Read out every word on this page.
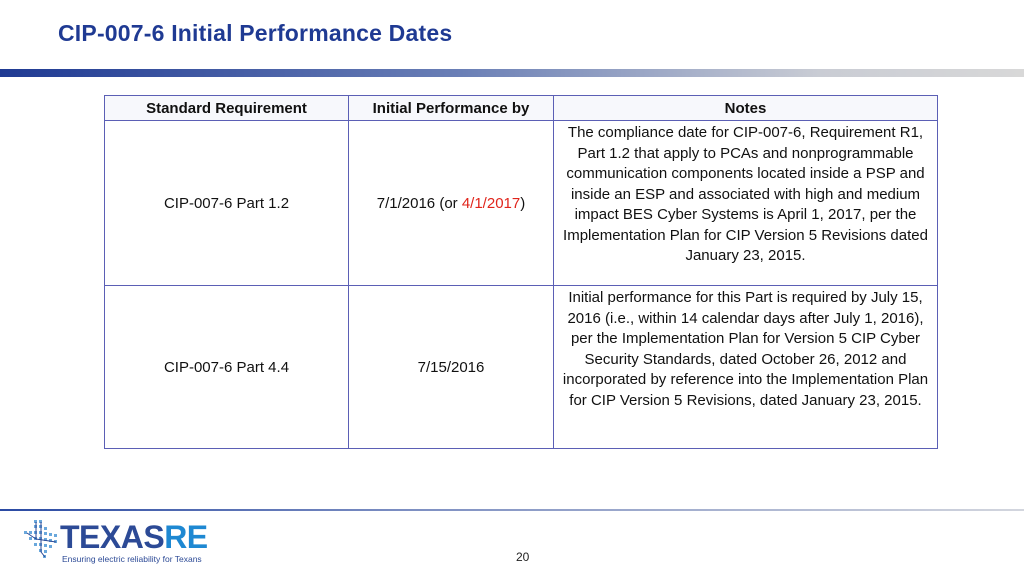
CIP-007-6 Initial Performance Dates
Standard Requirement	Initial Performance by	Notes
CIP-007-6 Part 1.2	7/1/2016 (or 4/1/2017)	The compliance date for CIP-007-6, Requirement R1, Part 1.2 that apply to PCAs and nonprogrammable communication components located inside a PSP and inside an ESP and associated with high and medium impact BES Cyber Systems is April 1, 2017, per the Implementation Plan for CIP Version 5 Revisions dated January 23, 2015.
CIP-007-6 Part 4.4	7/15/2016	Initial performance for this Part is required by July 15, 2016 (i.e., within 14 calendar days after July 1, 2016), per the Implementation Plan for Version 5 CIP Cyber Security Standards, dated October 26, 2012 and incorporated by reference into the Implementation Plan for CIP Version 5 Revisions, dated January 23, 2015.
TEXASRE
Ensuring electric reliability for Texans	20
